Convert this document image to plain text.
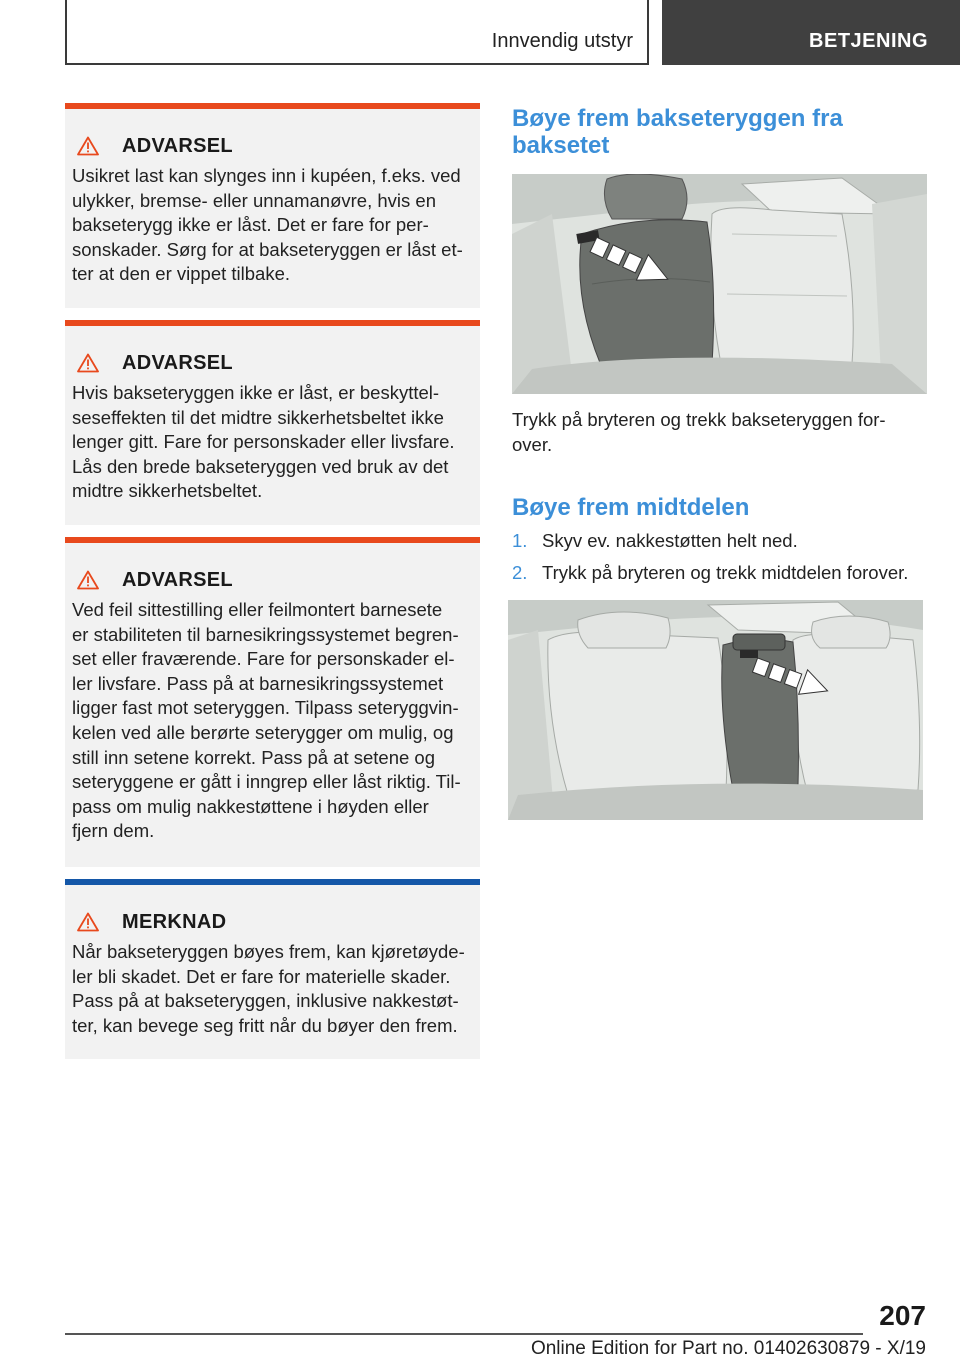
Innvendig utstyr	BETJENING
ADVARSEL
Usikret last kan slynges inn i kupéen, f.eks. ved
ulykker, bremse- eller unnamanøvre, hvis en
bakseterygg ikke er låst. Det er fare for per-
sonskader. Sørg for at bakseteryggen er låst et-
ter at den er vippet tilbake.
ADVARSEL
Hvis bakseteryggen ikke er låst, er beskyttel-
seseffekten til det midtre sikkerhetsbeltet ikke
lenger gitt. Fare for personskader eller livsfare.
Lås den brede bakseteryggen ved bruk av det
midtre sikkerhetsbeltet.
ADVARSEL
Ved feil sittestilling eller feilmontert barnesete
er stabiliteten til barnesikringssystemet begren-
set eller fraværende. Fare for personskader el-
ler livsfare. Pass på at barnesikringssystemet
ligger fast mot seteryggen. Tilpass seteryggvin-
kelen ved alle berørte seterygger om mulig, og
still inn setene korrekt. Pass på at setene og
seteryggene er gått i inngrep eller låst riktig. Til-
pass om mulig nakkestøttene i høyden eller
fjern dem.
MERKNAD
Når bakseteryggen bøyes frem, kan kjøretøyde-
ler bli skadet. Det er fare for materielle skader.
Pass på at bakseteryggen, inklusive nakkestøt-
ter, kan bevege seg fritt når du bøyer den frem.
Bøye frem bakseteryggen fra
baksetet
Trykk på bryteren og trekk bakseteryggen for-
over.
Bøye frem midtdelen
1. Skyv ev. nakkestøtten helt ned.
2. Trykk på bryteren og trekk midtdelen forover.
207
Online Edition for Part no. 01402630879 - X/19
